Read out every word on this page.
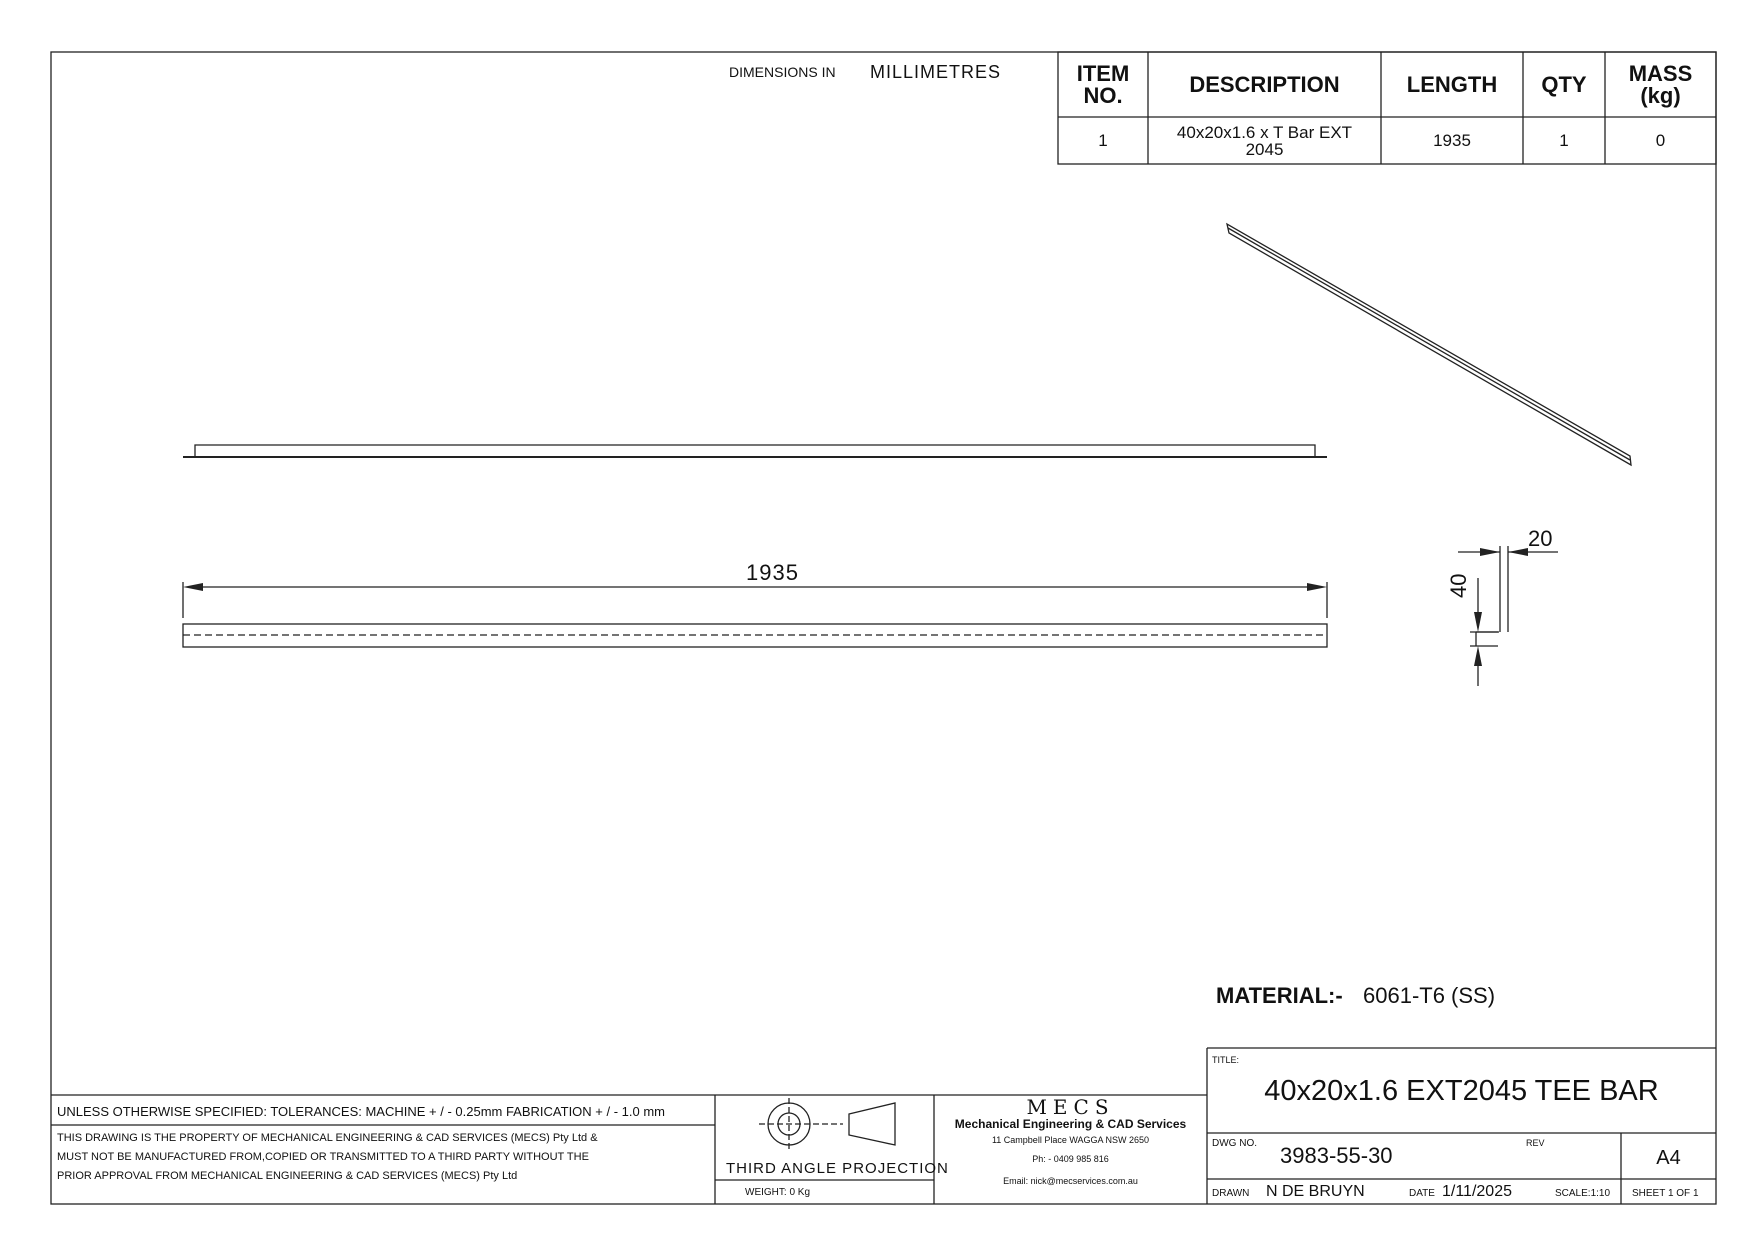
DIMENSIONS IN MILLIMETRES	ITEM NO.	DESCRIPTION	LENGTH	QTY	MASS (kg)
1	40x20x1.6 x T Bar EXT 2045	1935	1	0
1935
20
40
MATERIAL:- 6061-T6 (SS)
UNLESS OTHERWISE SPECIFIED: TOLERANCES: MACHINE + / - 0.25mm FABRICATION + / - 1.0 mm
THIS DRAWING IS THE PROPERTY OF MECHANICAL ENGINEERING & CAD SERVICES (MECS) Pty Ltd &
MUST NOT BE MANUFACTURED FROM,COPIED OR TRANSMITTED TO A THIRD PARTY WITHOUT THE
PRIOR APPROVAL FROM MECHANICAL ENGINEERING & CAD SERVICES (MECS) Pty Ltd	THIRD ANGLE PROJECTION
WEIGHT: 0 Kg
MECS
Mechanical Engineering & CAD Services
11 Campbell Place WAGGA NSW 2650
Ph: - 0409 985 816
Email: nick@mecservices.com.au
TITLE:
40x20x1.6 EXT2045 TEE BAR
DWG NO. 3983-55-30	REV
A4
DRAWN N DE BRUYN	DATE 1/11/2025	SCALE:1:10 SHEET 1 OF 1
